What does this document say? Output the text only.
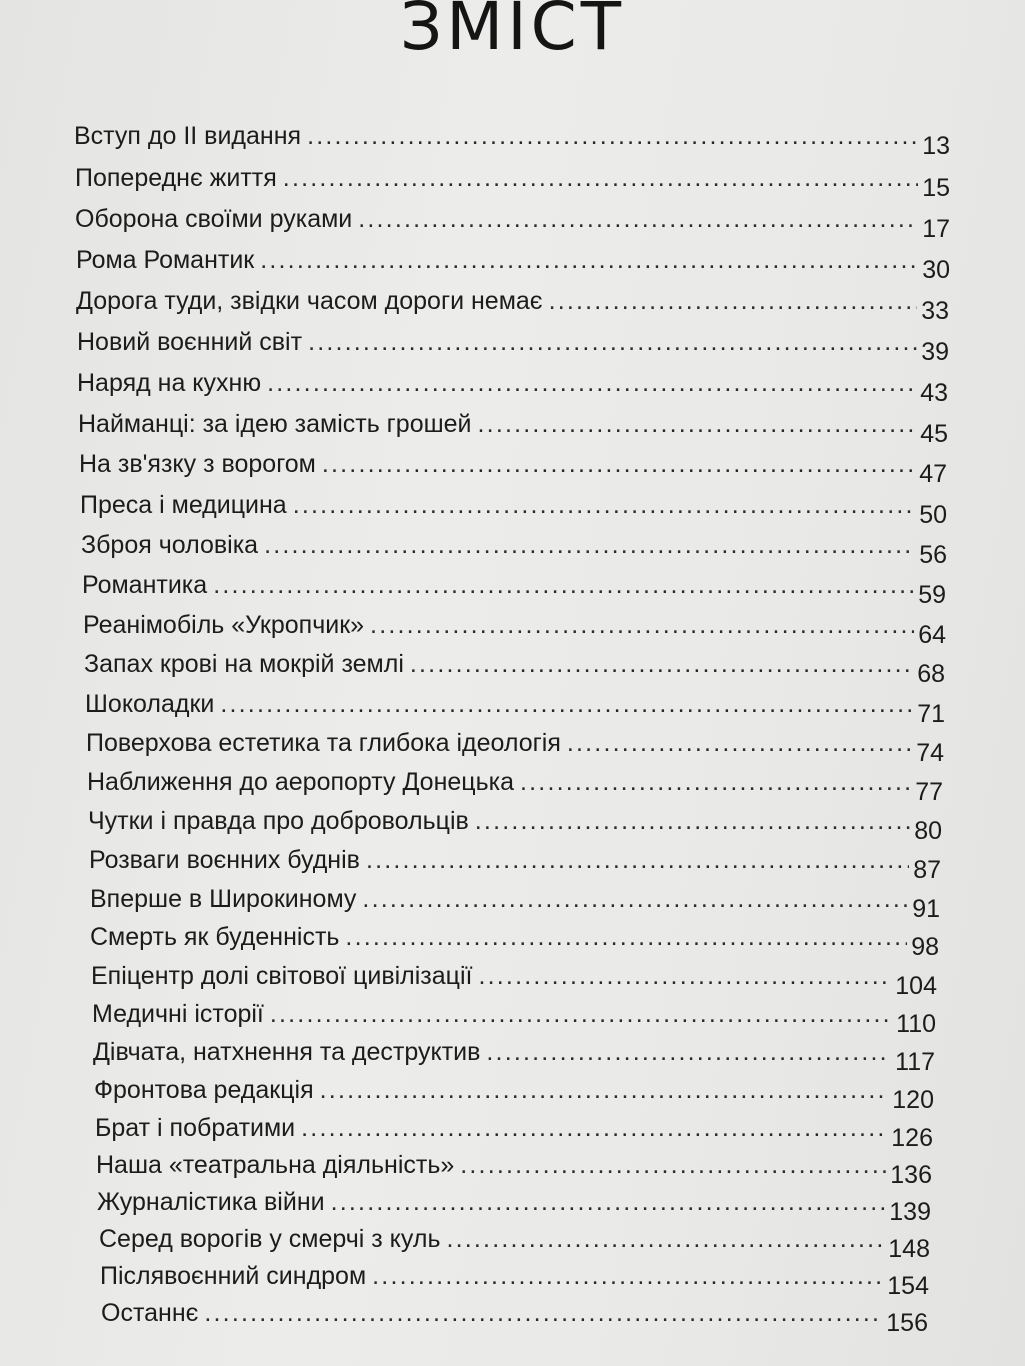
ЗМІСТ
Вступ до ІІ видання .....	13
Попереднє життя .....	15
Оборона своїми руками .....	17
Рома Романтик .....	30
Дорога туди, звідки часом дороги немає .....	33
Новий воєнний світ .....	39
Наряд на кухню .....	43
Найманці: за ідею замість грошей .....	45
На зв'язку з ворогом .....	47
Преса і медицина .....	50
Зброя чоловіка .....	56
Романтика .....	59
Реанімобіль «Укропчик» .....	64
Запах крові на мокрій землі .....	68
Шоколадки .....	71
Поверхова естетика та глибока ідеологія .....	74
Наближення до аеропорту Донецька .....	77
Чутки і правда про добровольців .....	80
Розваги воєнних буднів .....	87
Вперше в Широкиному .....	91
Смерть як буденність .....	98
Епіцентр долі світової цивілізації .....	104
Медичні історії .....	110
Дівчата, натхнення та деструктив .....	117
Фронтова редакція .....	120
Брат і побратими .....	126
Наша «театральна діяльність» .....	136
Журналістика війни .....	139
Серед ворогів у смерчі з куль .....	148
Післявоєнний синдром .....	154
Останнє .....	156
